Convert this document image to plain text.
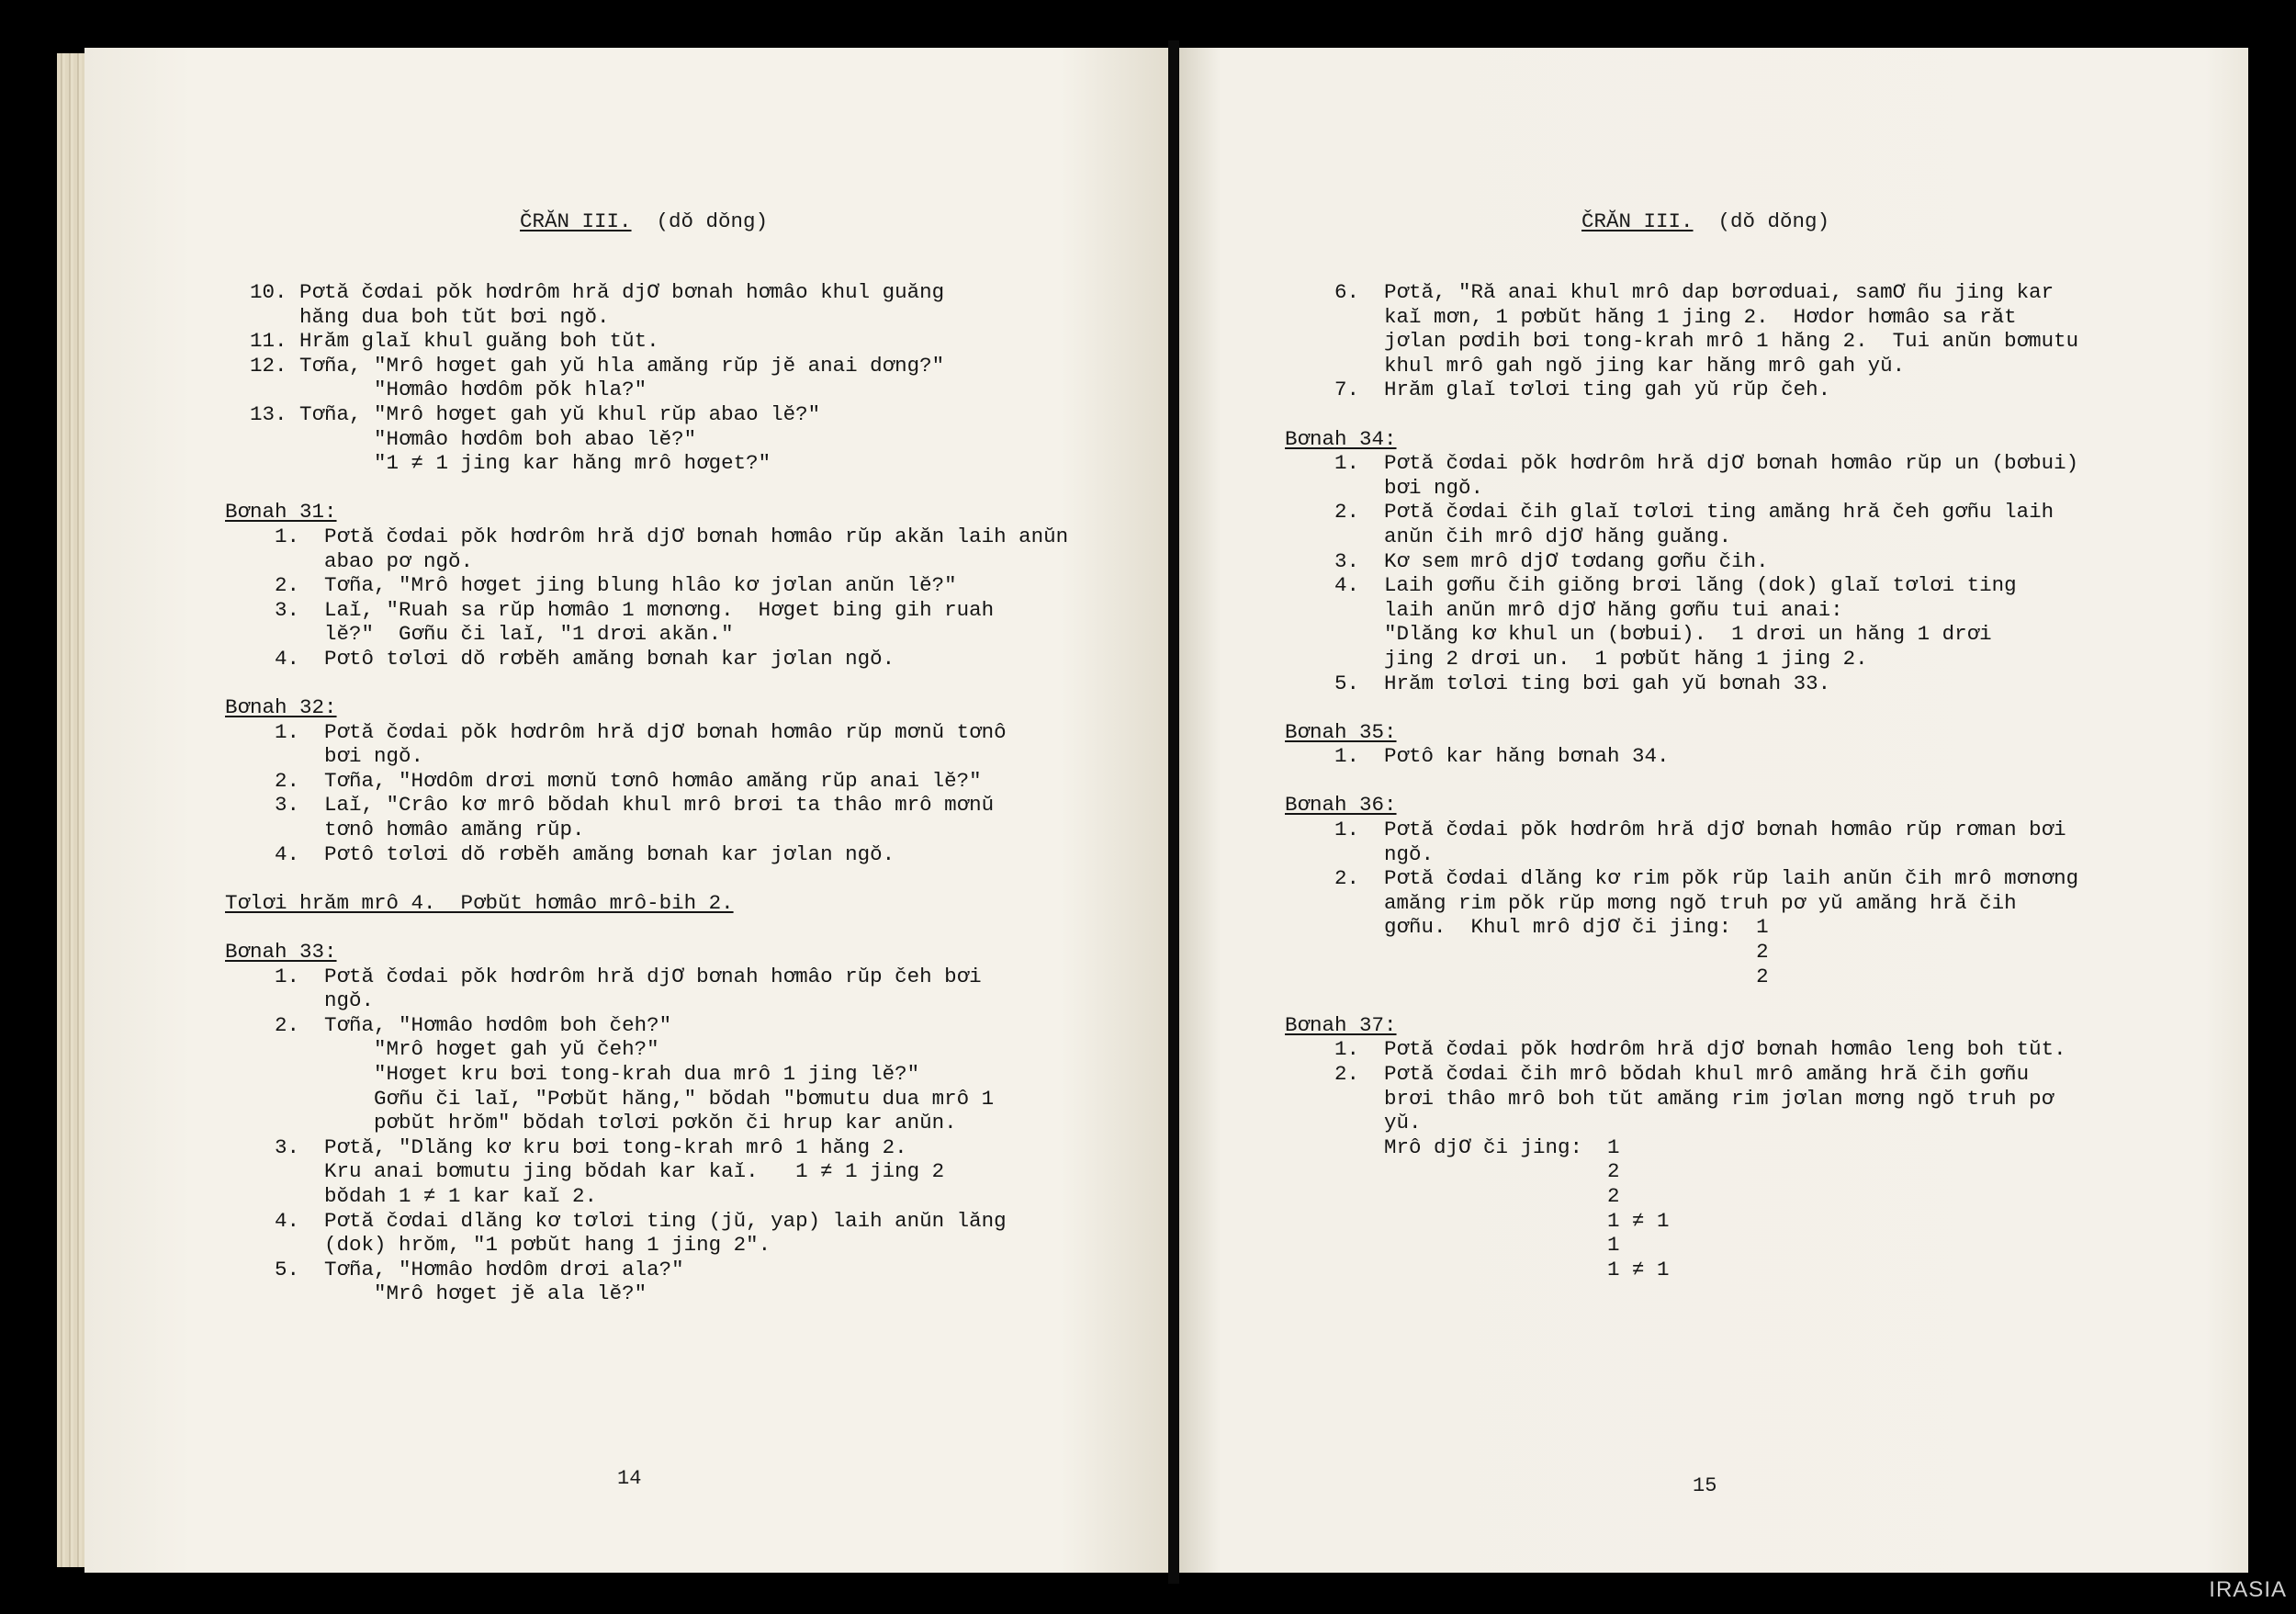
ČRĂN III. (dǒ dǒng)	ČRĂN III. (dǒ dǒng)
10. Pơtă čơdai pǒk hơdrôm hră djƠ bơnah hơmâo khul guăng
hăng dua boh tŭt bơi ngŏ.
11. Hrăm glaĭ khul guăng boh tŭt.
12. Tơña, "Mrô hơget gah yŭ hla amăng rŭp jĕ anai dơng?"
"Hơmâo hơdôm pǒk hla?"
13. Tơña, "Mrô hơget gah yŭ khul rŭp abao lĕ?"
"Hơmâo hơdôm boh abao lĕ?"
"1 ≠ 1 jing kar hăng mrô hơget?"

Bơnah 31:
1.  Pơtă čơdai pǒk hơdrôm hră djƠ bơnah hơmâo rŭp akăn laih anŭn
abao pơ ngŏ.
2.  Tơña, "Mrô hơget jing blung hlâo kơ jơlan anŭn lĕ?"
3.  Laĭ, "Ruah sa rŭp hơmâo 1 mơnơng.  Hơget bing gih ruah
lĕ?"  Gơñu či laĭ, "1 drơi akăn."
4.  Pơtô tơlơi dŏ rơbĕh amăng bơnah kar jơlan ngŏ.

Bơnah 32:
1.  Pơtă čơdai pǒk hơdrôm hră djƠ bơnah hơmâo rŭp mơnŭ tơnô
bơi ngŏ.
2.  Tơña, "Hơdôm drơi mơnŭ tơnô hơmâo amăng rŭp anai lĕ?"
3.  Laĭ, "Crâo kơ mrô bŏdah khul mrô brơi ta thâo mrô mơnŭ
tơnô hơmâo amăng rŭp.
4.  Pơtô tơlơi dŏ rơbĕh amăng bơnah kar jơlan ngŏ.

Tơlơi hrăm mrô 4.  Pơbŭt hơmâo mrô-bih 2.

Bơnah 33:
1.  Pơtă čơdai pǒk hơdrôm hră djƠ bơnah hơmâo rŭp čeh bơi
ngŏ.
2.  Tơña, "Hơmâo hơdôm boh čeh?"
"Mrô hơget gah yŭ čeh?"
"Hơget kru bơi tong-krah dua mrô 1 jing lĕ?"
Gơñu či laĭ, "Pơbŭt hăng," bŏdah "bơmutu dua mrô 1
pơbŭt hrŏm" bŏdah tơlơi pơkŏn či hrup kar anŭn.
3.  Pơtă, "Dlăng kơ kru bơi tong-krah mrô 1 hăng 2.
Kru anai bơmutu jing bŏdah kar kaĭ.   1 ≠ 1 jing 2
bŏdah 1 ≠ 1 kar kaĭ 2.
4.  Pơtă čơdai dlăng kơ tơlơi ting (jŭ, yap) laih anŭn lăng
(dok) hrŏm, "1 pơbŭt hang 1 jing 2".
5.  Tơña, "Hơmâo hơdôm drơi ala?"
"Mrô hơget jĕ ala lĕ?"
6.  Pơtă, "Ră anai khul mrô dap bơrơduai, samƠ ñu jing kar
kaĭ mơn, 1 pơbŭt hăng 1 jing 2.  Hơdor hơmâo sa răt
jơlan pơdih bơi tong-krah mrô 1 hăng 2.  Tui anŭn bơmutu
khul mrô gah ngŏ jing kar hăng mrô gah yŭ.
7.  Hrăm glaĭ tơlơi ting gah yŭ rŭp čeh.

Bơnah 34:
1.  Pơtă čơdai pǒk hơdrôm hră djƠ bơnah hơmâo rŭp un (bơbui)
bơi ngŏ.
2.  Pơtă čơdai čih glaĭ tơlơi ting amăng hră čeh gơñu laih
anŭn čih mrô djƠ hăng guăng.
3.  Kơ sem mrô djƠ tơdang gơñu čih.
4.  Laih gơñu čih giŏng brơi lăng (dok) glaĭ tơlơi ting
laih anŭn mrô djƠ hăng gơñu tui anai:
"Dlăng kơ khul un (bơbui).  1 drơi un hăng 1 drơi
jing 2 drơi un.  1 pơbŭt hăng 1 jing 2.
5.  Hrăm tơlơi ting bơi gah yŭ bơnah 33.

Bơnah 35:
1.  Pơtô kar hăng bơnah 34.

Bơnah 36:
1.  Pơtă čơdai pǒk hơdrôm hră djƠ bơnah hơmâo rŭp rơman bơi
ngŏ.
2.  Pơtă čơdai dlăng kơ rim pǒk rŭp laih anŭn čih mrô mơnơng
amăng rim pǒk rŭp mơng ngŏ truh pơ yŭ amăng hră čih
gơñu.  Khul mrô djƠ či jing:  1
2
2

Bơnah 37:
1.  Pơtă čơdai pǒk hơdrôm hră djƠ bơnah hơmâo leng boh tŭt.
2.  Pơtă čơdai čih mrô bŏdah khul mrô amăng hră čih gơñu
brơi thâo mrô boh tŭt amăng rim jơlan mơng ngŏ truh pơ
yŭ.
Mrô djƠ či jing:  1
2
2
1 ≠ 1
1
1 ≠ 1
14	15
IRASIA
